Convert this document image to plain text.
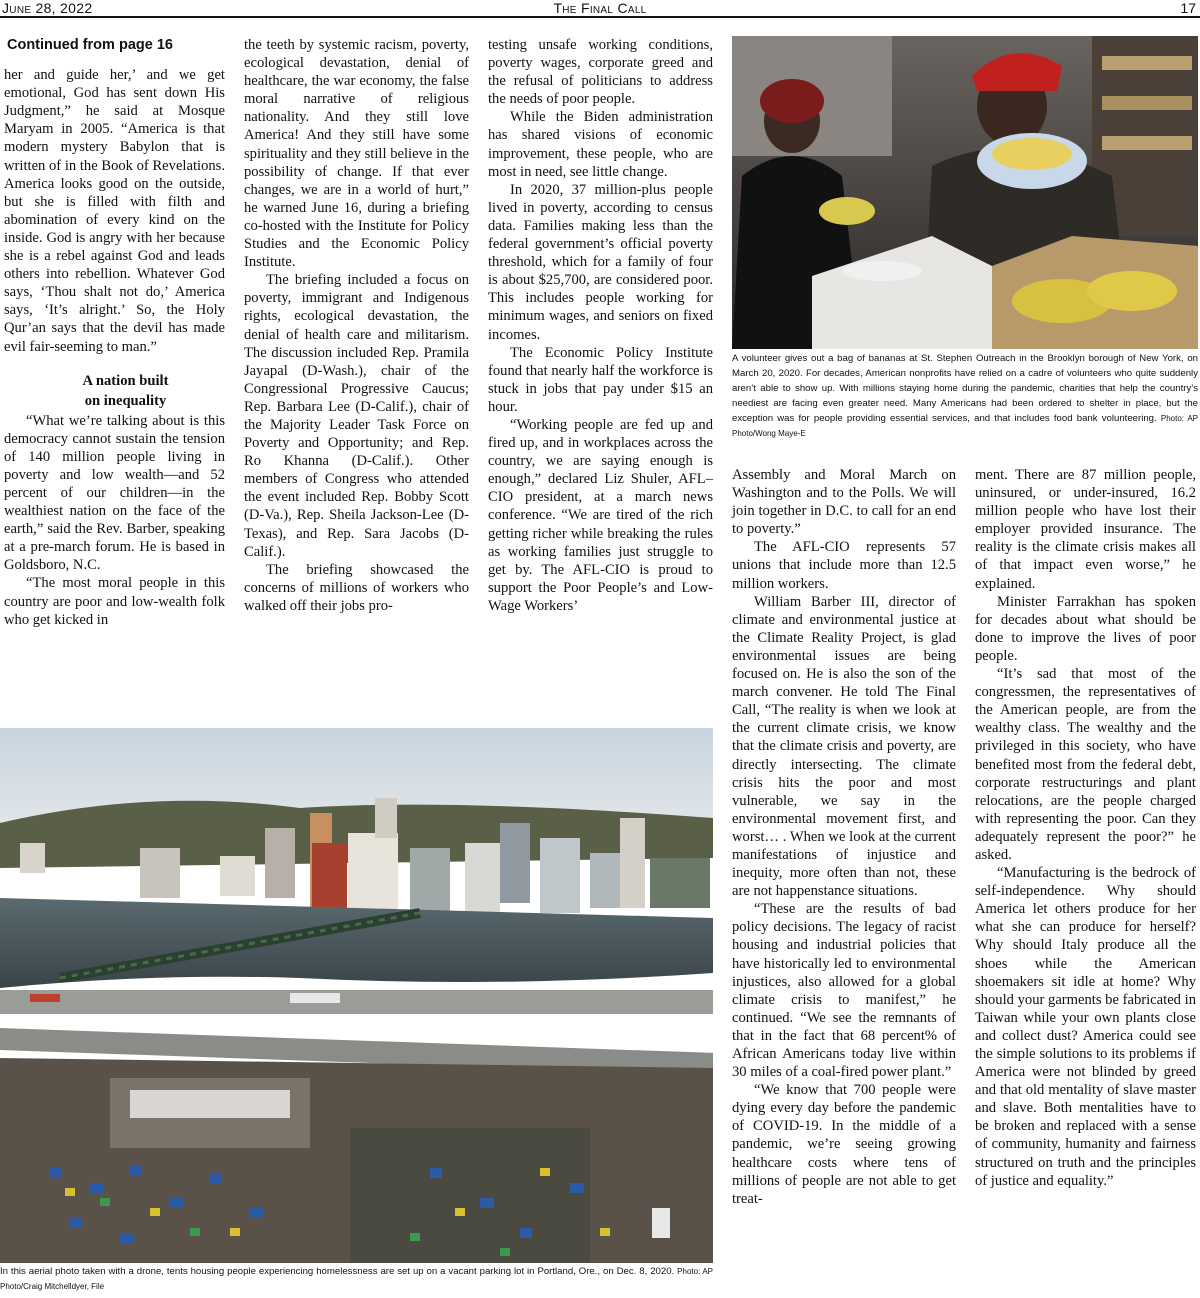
June 28, 2022	The Final Call	17

Continued from page 16

her and guide her,’ and we get emotional, God has sent down His Judgment,” he said at Mosque Maryam in 2005. “America is that modern mystery Babylon that is written of in the Book of Revelations. America looks good on the outside, but she is filled with filth and abomination of every kind on the inside. God is angry with her because she is a rebel against God and leads others into rebellion. Whatever God says, ‘Thou shalt not do,’ America says, ‘It’s alright.’ So, the Holy Qur’an says that the devil has made evil fair-seeming to man.”

A nation built

on inequality

“What we’re talking about is this democracy cannot sustain the tension of 140 million people living in poverty and low wealth—and 52 percent of our children—in the wealthiest nation on the face of the earth,” said the Rev. Barber, speaking at a pre-march forum. He is based in Goldsboro, N.C.

“The most moral people in this country are poor and low-wealth folk who get kicked in

the teeth by systemic racism, poverty, ecological devastation, denial of healthcare, the war economy, the false moral narrative of religious nationality. And they still love America! And they still have some spirituality and they still believe in the possibility of change. If that ever changes, we are in a world of hurt,” he warned June 16, during a briefing co-hosted with the Institute for Policy Studies and the Economic Policy Institute.

The briefing included a focus on poverty, immigrant and Indigenous rights, ecological devastation, the denial of health care and militarism. The discussion included Rep. Pramila Jayapal (D-Wash.), chair of the Congressional Progressive Caucus; Rep. Barbara Lee (D-Calif.), chair of the Majority Leader Task Force on Poverty and Opportunity; and Rep. Ro Khanna (D-Calif.). Other members of Congress who attended the event included Rep. Bobby Scott (D-Va.), Rep. Sheila Jackson-Lee (D-Texas), and Rep. Sara Jacobs (D-Calif.).

The briefing showcased the concerns of millions of workers who walked off their jobs pro-

testing unsafe working conditions, poverty wages, corporate greed and the refusal of politicians to address the needs of poor people.

While the Biden administration has shared visions of economic improvement, these people, who are most in need, see little change.

In 2020, 37 million-plus people lived in poverty, according to census data. Families making less than the federal government’s official poverty threshold, which for a family of four is about $25,700, are considered poor. This includes people working for minimum wages, and seniors on fixed incomes.

The Economic Policy Institute found that nearly half the workforce is stuck in jobs that pay under $15 an hour.

“Working people are fed up and fired up, and in workplaces across the country, we are saying enough is enough,” declared Liz Shuler, AFL–CIO president, at a march news conference. “We are tired of the rich getting richer while breaking the rules as working families just struggle to get by. The AFL-CIO is proud to support the Poor People’s and Low-Wage Workers’

A volunteer gives out a bag of bananas at St. Stephen Outreach in the Brooklyn borough of New York, on March 20, 2020. For decades, American nonprofits have relied on a cadre of volunteers who quite suddenly aren’t able to show up. With millions staying home during the pandemic, charities that help the country’s neediest are facing even greater need. Many Americans had been ordered to shelter in place, but the exception was for people providing essential services, and that includes food bank volunteering. Photo: AP Photo/Wong Maye-E

Assembly and Moral March on Washington and to the Polls. We will join together in D.C. to call for an end to poverty.”

The AFL-CIO represents 57 unions that include more than 12.5 million workers.

William Barber III, director of climate and environmental justice at the Climate Reality Project, is glad environmental issues are being focused on. He is also the son of the march convener. He told The Final Call, “The reality is when we look at the current climate crisis, we know that the climate crisis and poverty, are directly intersecting. The climate crisis hits the poor and most vulnerable, we say in the environmental movement first, and worst… . When we look at the current manifestations of injustice and inequity, more often than not, these are not happenstance situations.

“These are the results of bad policy decisions. The legacy of racist housing and industrial policies that have historically led to environmental injustices, also allowed for a global climate crisis to manifest,” he continued. “We see the remnants of that in the fact that 68 percent% of African Americans today live within 30 miles of a coal-fired power plant.”

“We know that 700 people were dying every day before the pandemic of COVID-19. In the middle of a pandemic, we’re seeing growing healthcare costs where tens of millions of people are not able to get treat-

ment. There are 87 million people, uninsured, or under-insured, 16.2 million people who have lost their employer provided insurance. The reality is the climate crisis makes all of that impact even worse,” he explained.

Minister Farrakhan has spoken for decades about what should be done to improve the lives of poor people.

“It’s sad that most of the congressmen, the representatives of the American people, are from the wealthy class. The wealthy and the privileged in this society, who have benefited most from the federal debt, corporate restructurings and plant relocations, are the people charged with representing the poor. Can they adequately represent the poor?” he asked.

“Manufacturing is the bedrock of self-independence. Why should America let others produce for her what she can produce for herself? Why should Italy produce all the shoes while the American shoemakers sit idle at home? Why should your garments be fabricated in Taiwan while your own plants close and collect dust? America could see the simple solutions to its problems if America were not blinded by greed and that old mentality of slave master and slave. Both mentalities have to be broken and replaced with a sense of community, humanity and fairness structured on truth and the principles of justice and equality.”

In this aerial photo taken with a drone, tents housing people experiencing homelessness are set up on a vacant parking lot in Portland, Ore., on Dec. 8, 2020. Photo: AP Photo/Craig Mitchelldyer, File
